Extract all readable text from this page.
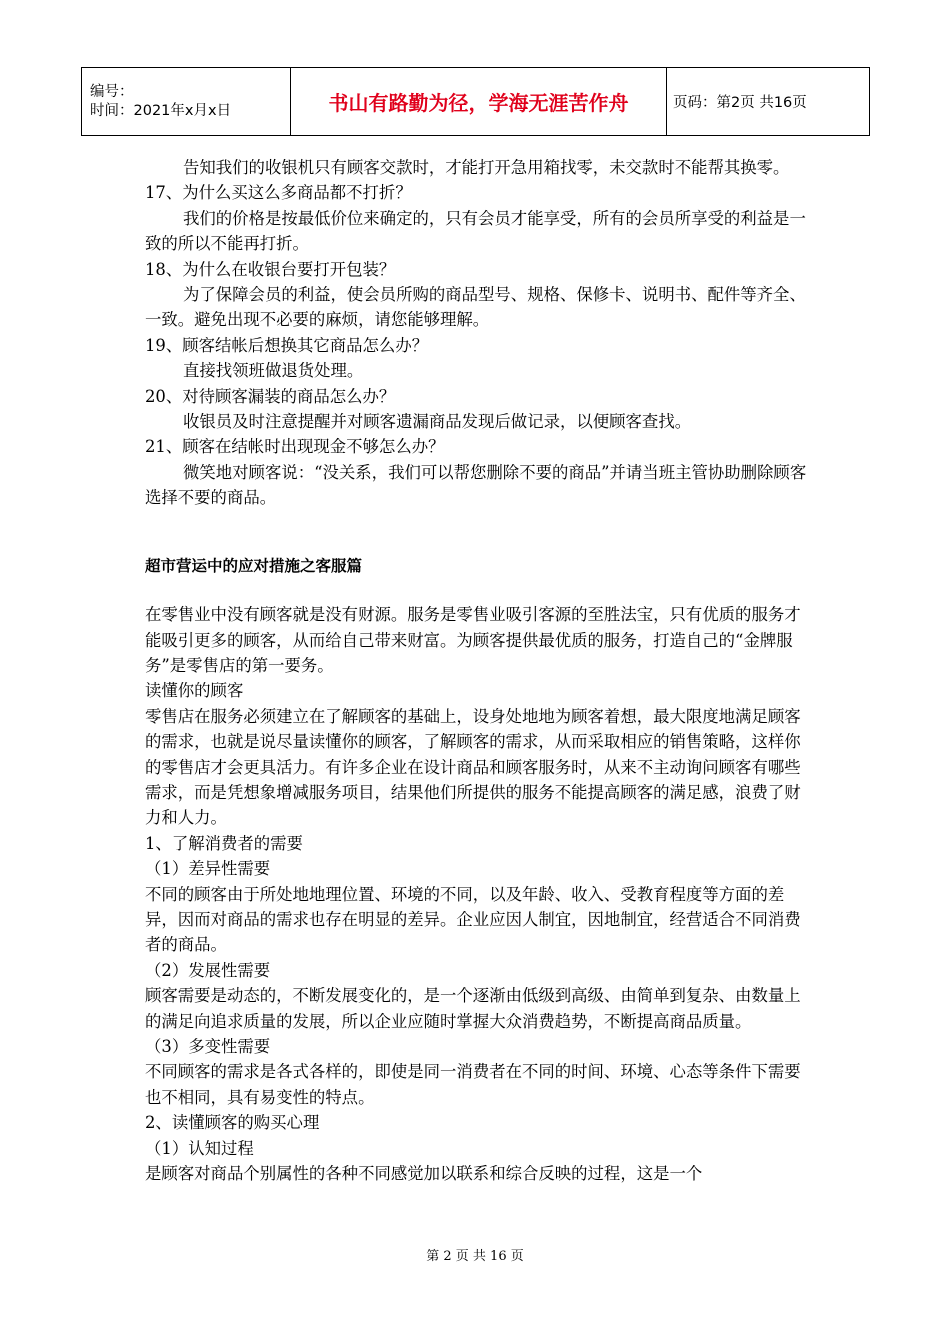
编号：
时间：2021年x月x日	书山有路勤为径，学海无涯苦作舟	页码：第2页 共16页

告知我们的收银机只有顾客交款时，才能打开急用箱找零，未交款时不能帮其换零。

17、为什么买这么多商品都不打折？

我们的价格是按最低价位来确定的，只有会员才能享受，所有的会员所享受的利益是一致的所以不能再打折。

18、为什么在收银台要打开包装？

为了保障会员的利益，使会员所购的商品型号、规格、保修卡、说明书、配件等齐全、一致。避免出现不必要的麻烦，请您能够理解。

19、顾客结帐后想换其它商品怎么办？

直接找领班做退货处理。

20、对待顾客漏装的商品怎么办？

收银员及时注意提醒并对顾客遗漏商品发现后做记录，以便顾客查找。

21、顾客在结帐时出现现金不够怎么办？

微笑地对顾客说：“没关系，我们可以帮您删除不要的商品”并请当班主管协助删除顾客选择不要的商品。

超市营运中的应对措施之客服篇

在零售业中没有顾客就是没有财源。服务是零售业吸引客源的至胜法宝，只有优质的服务才能吸引更多的顾客，从而给自己带来财富。为顾客提供最优质的服务，打造自己的“金牌服务”是零售店的第一要务。

读懂你的顾客

零售店在服务必须建立在了解顾客的基础上，设身处地地为顾客着想，最大限度地满足顾客的需求，也就是说尽量读懂你的顾客，了解顾客的需求，从而采取相应的销售策略，这样你的零售店才会更具活力。有许多企业在设计商品和顾客服务时，从来不主动询问顾客有哪些需求，而是凭想象增减服务项目，结果他们所提供的服务不能提高顾客的满足感，浪费了财力和人力。

1、了解消费者的需要

（1）差异性需要

不同的顾客由于所处地地理位置、环境的不同，以及年龄、收入、受教育程度等方面的差异，因而对商品的需求也存在明显的差异。企业应因人制宜，因地制宜，经营适合不同消费者的商品。

（2）发展性需要

顾客需要是动态的，不断发展变化的，是一个逐渐由低级到高级、由简单到复杂、由数量上的满足向追求质量的发展，所以企业应随时掌握大众消费趋势，不断提高商品质量。

（3）多变性需要

不同顾客的需求是各式各样的，即使是同一消费者在不同的时间、环境、心态等条件下需要也不相同，具有易变性的特点。

2、读懂顾客的购买心理

（1）认知过程

是顾客对商品个别属性的各种不同感觉加以联系和综合反映的过程，这是一个

第 2 页 共 16 页
